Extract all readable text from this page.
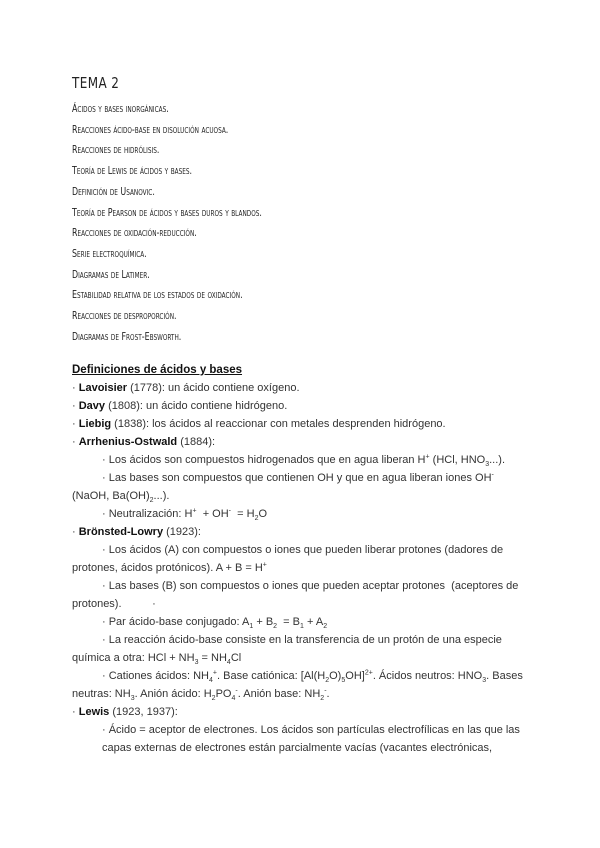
TEMA 2
Ácidos y bases inorgánicas.
Reacciones ácido-base en disolución acuosa.
Reacciones de hidrólisis.
Teoría de Lewis de ácidos y bases.
Definición de Usanovic.
Teoría de Pearson de ácidos y bases duros y blandos.
Reacciones de oxidación-reducción.
Serie electroquímica.
Diagramas de Latimer.
Estabilidad relativa de los estados de oxidación.
Reacciones de desproporción.
Diagramas de Frost-Ebsworth.
Definiciones de ácidos y bases
· Lavoisier (1778): un ácido contiene oxígeno.
· Davy (1808): un ácido contiene hidrógeno.
· Liebig (1838): los ácidos al reaccionar con metales desprenden hidrógeno.
· Arrhenius-Ostwald (1884):
· Los ácidos son compuestos hidrogenados que en agua liberan H+ (HCl, $HNO_3$...).
· Las bases son compuestos que contienen OH y que en agua liberan iones OH-
(NaOH, $Ba(OH)_2$...).
· Neutralización: $H^+ + OH^- = H_2O$
· Brönsted-Lowry (1923):
· Los ácidos (A) con compuestos o iones que pueden liberar protones (dadores de
protones, ácidos protónicos). A + B = H+
· Las bases (B) son compuestos o iones que pueden aceptar protones  (aceptores de
protones).          ·
· Par ácido-base conjugado: $A_1 + B_2 = B_1 + A_2$
· La reacción ácido-base consiste en la transferencia de un protón de una especie
química a otra: HCl + $NH_3 = NH_4Cl$
· Cationes ácidos: $NH_4^+$. Base catiónica: $[Al(H_2O)_5OH]^{2+}$. Ácidos neutros: $HNO_3$. Bases
neutras: $NH_3$. Anión ácido: $H_2PO_4^-$. Anión base: $NH_2^-$.
· Lewis (1923, 1937):
· Ácido = aceptor de electrones. Los ácidos son partículas electrofílicas en las que las
capas externas de electrones están parcialmente vacías (vacantes electrónicas,
